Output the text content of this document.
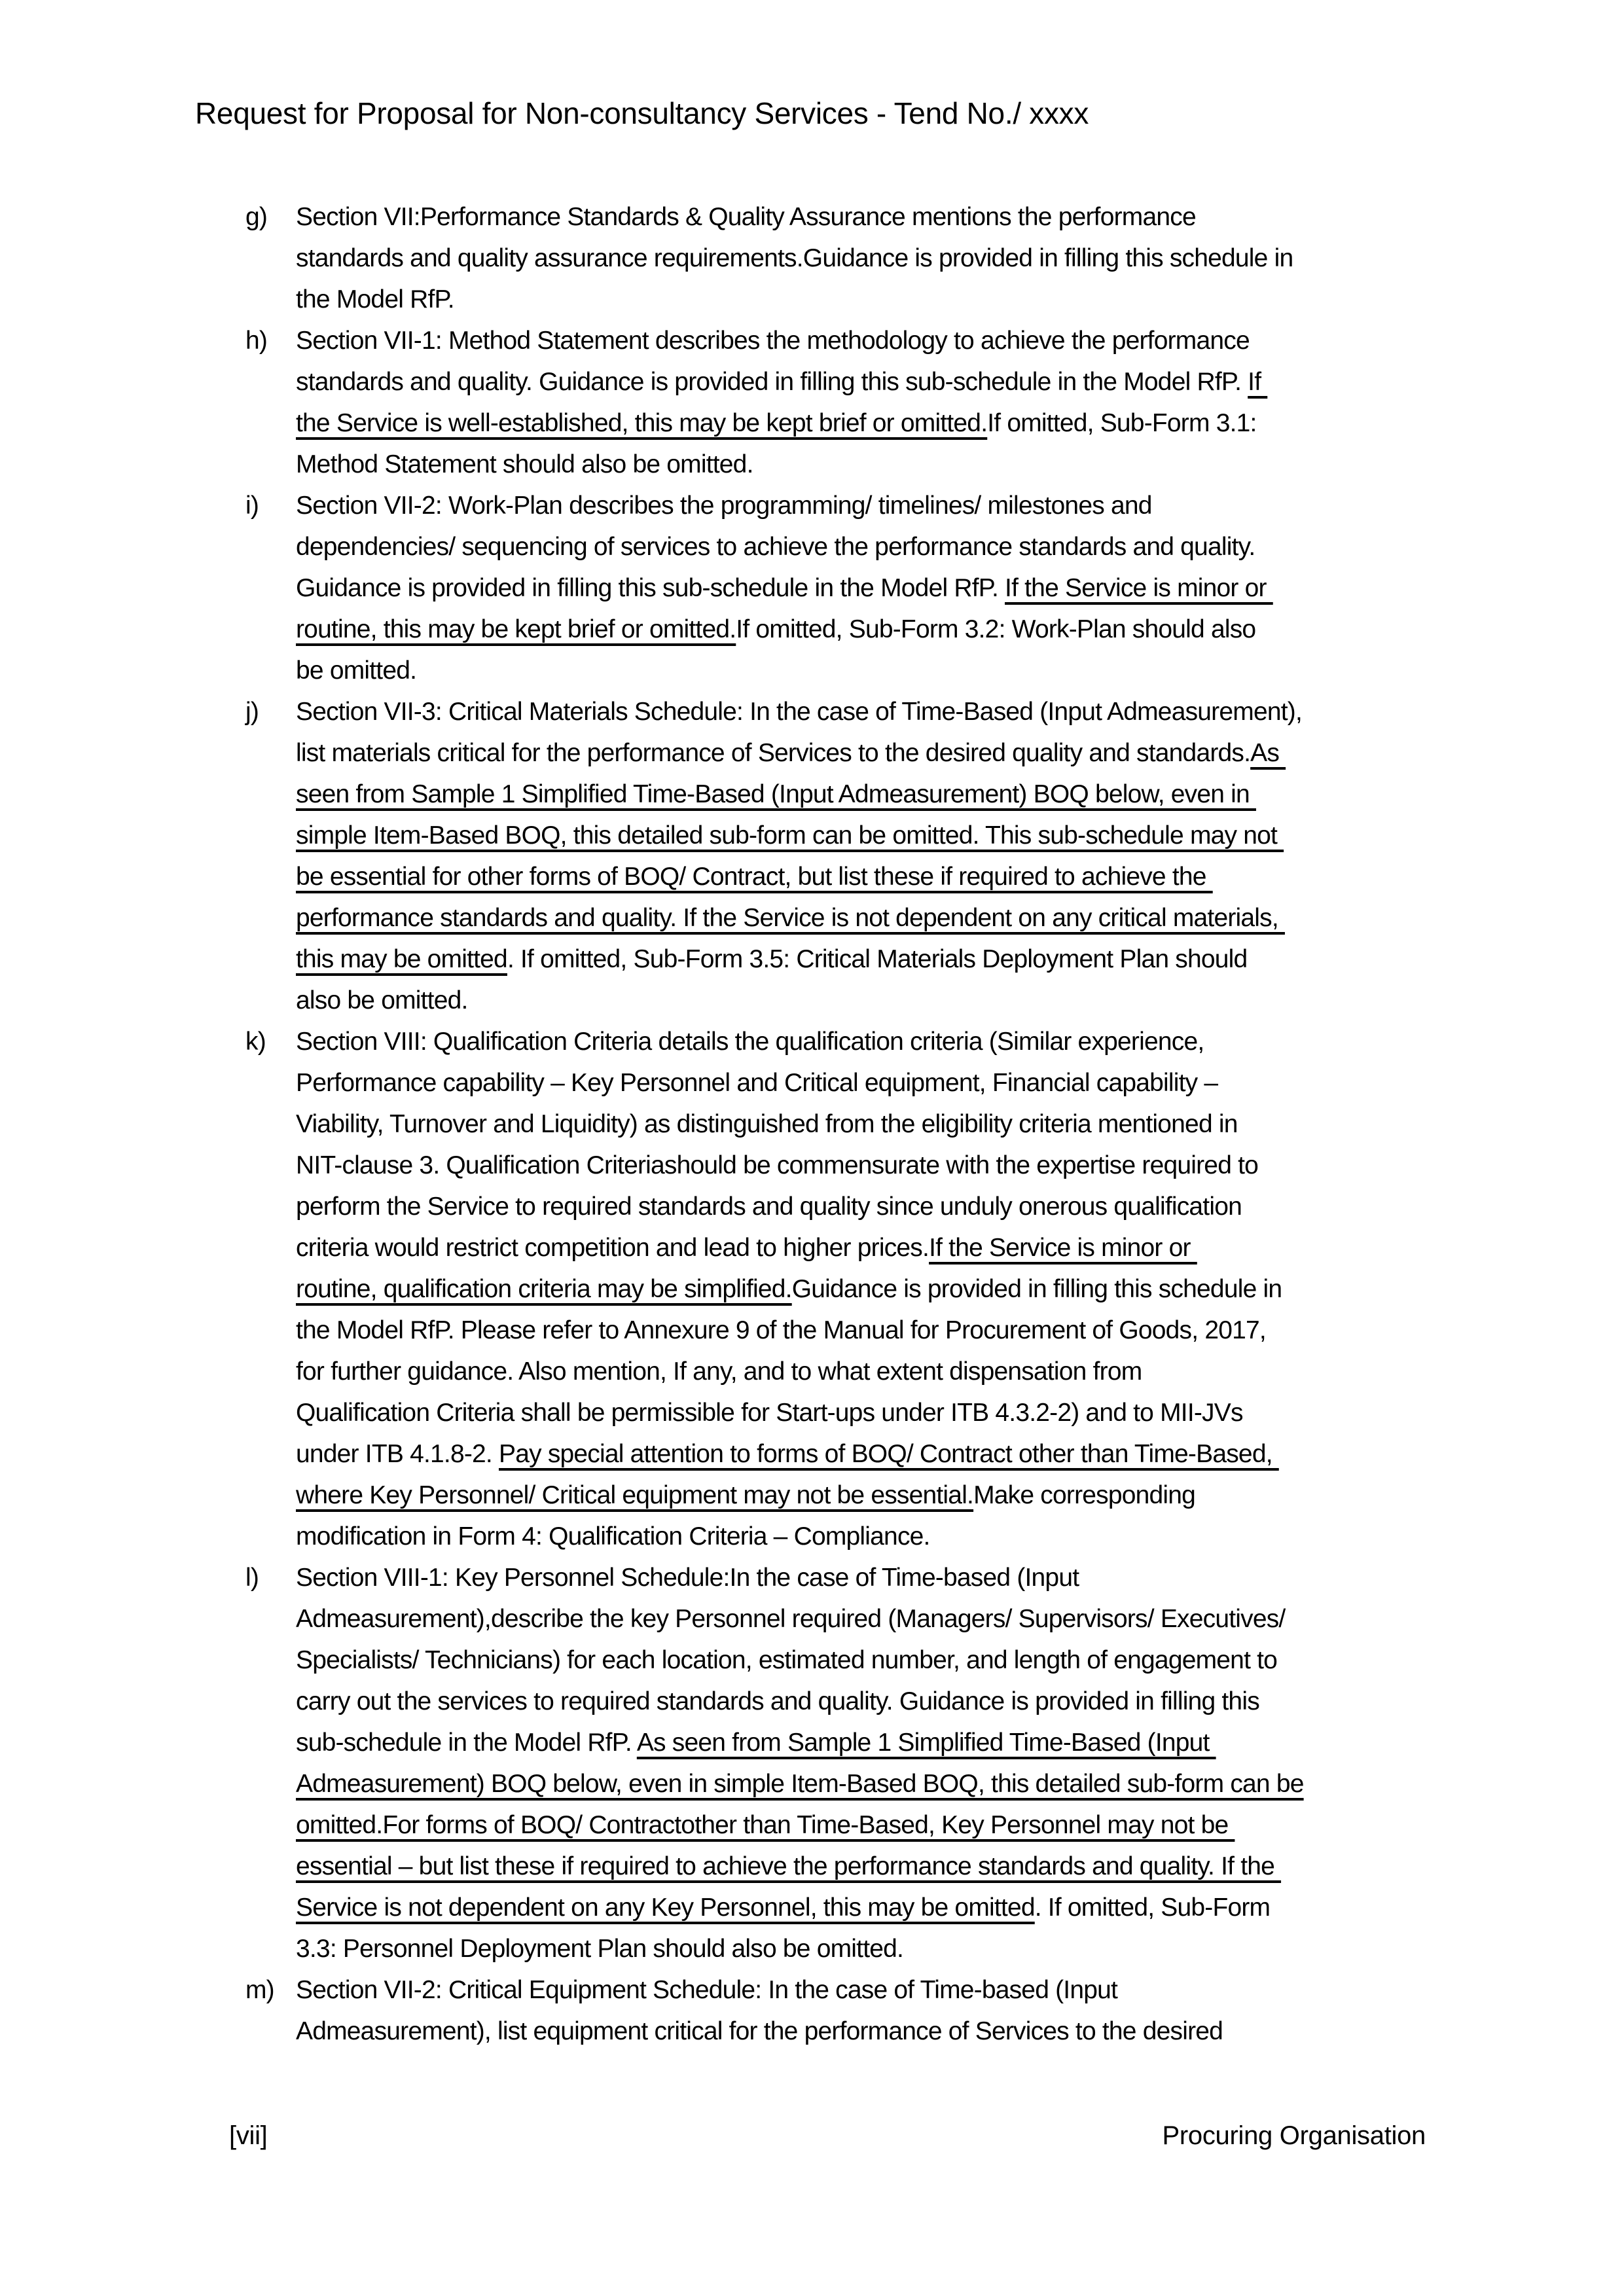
Request for Proposal for Non-consultancy Services - Tend No./ xxxx
g)	Section VII:Performance Standards & Quality Assurance mentions the performance
standards and quality assurance requirements.Guidance is provided in filling this schedule in
the Model RfP.
h)	Section VII-1: Method Statement describes the methodology to achieve the performance
standards and quality. Guidance is provided in filling this sub-schedule in the Model RfP. If
the Service is well-established, this may be kept brief or omitted.If omitted, Sub-Form 3.1:
Method Statement should also be omitted.
i)	Section VII-2: Work-Plan describes the programming/ timelines/ milestones and
dependencies/ sequencing of services to achieve the performance standards and quality.
Guidance is provided in filling this sub-schedule in the Model RfP. If the Service is minor or
routine, this may be kept brief or omitted.If omitted, Sub-Form 3.2: Work-Plan should also
be omitted.
j)	Section VII-3: Critical Materials Schedule: In the case of Time-Based (Input Admeasurement),
list materials critical for the performance of Services to the desired quality and standards.As
seen from Sample 1 Simplified Time-Based (Input Admeasurement) BOQ below, even in
simple Item-Based BOQ, this detailed sub-form can be omitted. This sub-schedule may not
be essential for other forms of BOQ/ Contract, but list these if required to achieve the
performance standards and quality. If the Service is not dependent on any critical materials,
this may be omitted. If omitted, Sub-Form 3.5: Critical Materials Deployment Plan should
also be omitted.
k)	Section VIII: Qualification Criteria details the qualification criteria (Similar experience,
Performance capability – Key Personnel and Critical equipment, Financial capability –
Viability, Turnover and Liquidity) as distinguished from the eligibility criteria mentioned in
NIT-clause 3. Qualification Criteriashould be commensurate with the expertise required to
perform the Service to required standards and quality since unduly onerous qualification
criteria would restrict competition and lead to higher prices.If the Service is minor or
routine, qualification criteria may be simplified.Guidance is provided in filling this schedule in
the Model RfP. Please refer to Annexure 9 of the Manual for Procurement of Goods, 2017,
for further guidance. Also mention, If any, and to what extent dispensation from
Qualification Criteria shall be permissible for Start-ups under ITB 4.3.2-2) and to MII-JVs
under ITB 4.1.8-2. Pay special attention to forms of BOQ/ Contract other than Time-Based,
where Key Personnel/ Critical equipment may not be essential.Make corresponding
modification in Form 4: Qualification Criteria – Compliance.
l)	Section VIII-1: Key Personnel Schedule:In the case of Time-based (Input
Admeasurement),describe the key Personnel required (Managers/ Supervisors/ Executives/
Specialists/ Technicians) for each location, estimated number, and length of engagement to
carry out the services to required standards and quality. Guidance is provided in filling this
sub-schedule in the Model RfP. As seen from Sample 1 Simplified Time-Based (Input
Admeasurement) BOQ below, even in simple Item-Based BOQ, this detailed sub-form can be
omitted.For forms of BOQ/ Contractother than Time-Based, Key Personnel may not be
essential – but list these if required to achieve the performance standards and quality. If the
Service is not dependent on any Key Personnel, this may be omitted. If omitted, Sub-Form
3.3: Personnel Deployment Plan should also be omitted.
m) Section VII-2: Critical Equipment Schedule: In the case of Time-based (Input
Admeasurement), list equipment critical for the performance of Services to the desired
[vii]	Procuring Organisation
